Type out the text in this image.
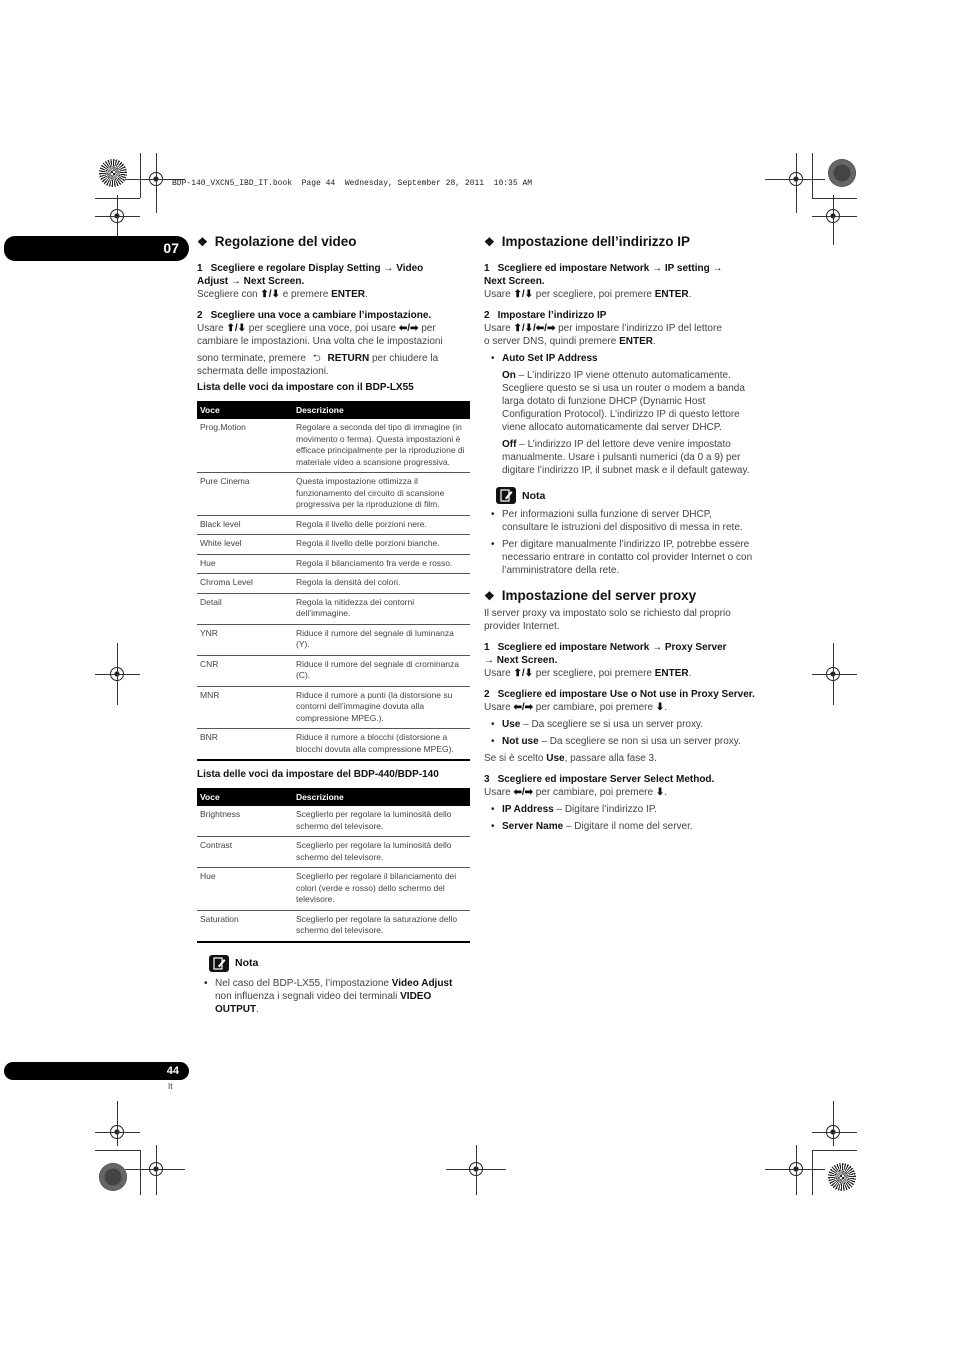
BDP-140_VXCN5_IBD_IT.book  Page 44  Wednesday, September 28, 2011  10:35 AM
07
44
It
❖ Regolazione del video

1 Scegliere e regolare Display Setting → Video
Adjust → Next Screen.

Scegliere con ⬆/⬇ e premere ENTER.

2 Scegliere una voce a cambiare l’impostazione.

Usare ⬆/⬇ per scegliere una voce, poi usare ⬅/➡ per
cambiare le impostazioni. Una volta che le impostazioni
sono terminate, premere ⮌ RETURN per chiudere la
schermata delle impostazioni.

Lista delle voci da impostare con il BDP-LX55

Voce	Descrizione
Prog.Motion	Regolare a seconda del tipo di immagine (in movimento o ferma). Questa impostazioni è efficace principalmente per la riproduzione di materiale video a scansione progressiva.
Pure Cinema	Questa impostazione ottimizza il funzionamento del circuito di scansione progressiva per la riproduzione di film.
Black level	Regola il livello delle porzioni nere.
White level	Regola il livello delle porzioni bianche.
Hue	Regola il bilanciamento fra verde e rosso.
Chroma Level	Regola la densità dei colori.
Detail	Regola la nitidezza dei contorni dell’immagine.
YNR	Riduce il rumore del segnale di luminanza (Y).
CNR	Riduce il rumore del segnale di crominanza (C).
MNR	Riduce il rumore a punti (la distorsione su contorni dell’immagine dovuta alla compressione MPEG.).
BNR	Riduce il rumore a blocchi (distorsione a blocchi dovuta alla compressione MPEG).

Lista delle voci da impostare del BDP-440/BDP-140

Voce	Descrizione
Brightness	Sceglierlo per regolare la luminosità dello schermo del televisore.
Contrast	Sceglierlo per regolare la luminosità dello schermo del televisore.
Hue	Sceglierlo per regolare il bilanciamento dei colori (verde e rosso) dello schermo del televisore.
Saturation	Sceglierlo per regolare la saturazione dello schermo del televisore.
Nota

• Nel caso del BDP-LX55, l’impostazione Video Adjust non influenza i segnali video dei terminali VIDEO OUTPUT.

❖ Impostazione dell’indirizzo IP

1 Scegliere ed impostare Network → IP setting →
Next Screen.

Usare ⬆/⬇ per scegliere, poi premere ENTER.

2 Impostare l’indirizzo IP

Usare ⬆/⬇/⬅/➡ per impostare l’indirizzo IP del lettore
o server DNS, quindi premere ENTER.

• Auto Set IP Address

On – L’indirizzo IP viene ottenuto automaticamente. Scegliere questo se si usa un router o modem a banda larga dotato di funzione DHCP (Dynamic Host Configuration Protocol). L’indirizzo IP di questo lettore viene allocato automaticamente dal server DHCP.

Off – L’indirizzo IP del lettore deve venire impostato manualmente. Usare i pulsanti numerici (da 0 a 9) per digitare l’indirizzo IP, il subnet mask e il default gateway.

Nota

• Per informazioni sulla funzione di server DHCP, consultare le istruzioni del dispositivo di messa in rete.

• Per digitare manualmente l’indirizzo IP, potrebbe essere necessario entrare in contatto col provider Internet o con l’amministratore della rete.

❖ Impostazione del server proxy

Il server proxy va impostato solo se richiesto dal proprio provider Internet.

1 Scegliere ed impostare Network → Proxy Server
→ Next Screen.

Usare ⬆/⬇ per scegliere, poi premere ENTER.

2 Scegliere ed impostare Use o Not use in Proxy Server.

Usare ⬅/➡ per cambiare, poi premere ⬇.

• Use – Da scegliere se si usa un server proxy.

• Not use – Da scegliere se non si usa un server proxy.

Se si è scelto Use, passare alla fase 3.

3 Scegliere ed impostare Server Select Method.

Usare ⬅/➡ per cambiare, poi premere ⬇.

• IP Address – Digitare l’indirizzo IP.

• Server Name – Digitare il nome del server.
